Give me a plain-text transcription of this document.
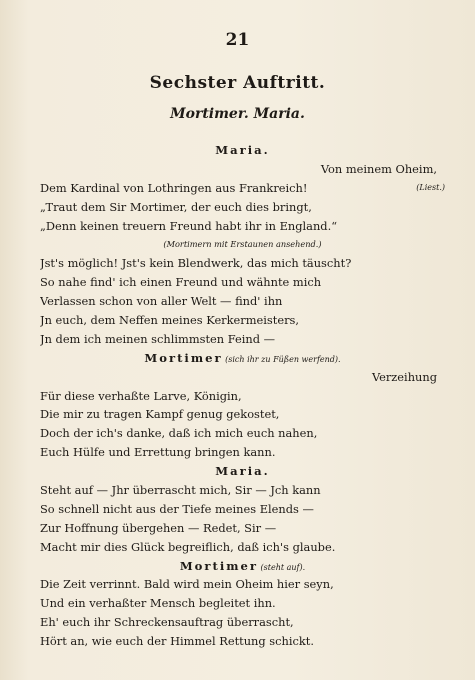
21
Sechster Auftritt.
Mortimer. Maria.
Maria.
Von meinem Oheim,
(Liest.)
Dem Kardinal von Lothringen aus Frankreich!
„Traut dem Sir Mortimer, der euch dies bringt,
„Denn keinen treuern Freund habt ihr in England.“
(Mortimern mit Erstaunen ansehend.)
Jst's möglich! Jst's kein Blendwerk, das mich täuscht?
So nahe find' ich einen Freund und wähnte mich
Verlassen schon von aller Welt — find' ihn
Jn euch, dem Neffen meines Kerkermeisters,
Jn dem ich meinen schlimmsten Feind —
Mortimer (sich ihr zu Füßen werfend).
Verzeihung
Für diese verhaßte Larve, Königin,
Die mir zu tragen Kampf genug gekostet,
Doch der ich's danke, daß ich mich euch nahen,
Euch Hülfe und Errettung bringen kann.
Maria.
Steht auf — Jhr überrascht mich, Sir — Jch kann
So schnell nicht aus der Tiefe meines Elends —
Zur Hoffnung übergehen — Redet, Sir —
Macht mir dies Glück begreiflich, daß ich's glaube.
Mortimer (steht auf).
Die Zeit verrinnt. Bald wird mein Oheim hier seyn,
Und ein verhaßter Mensch begleitet ihn.
Eh' euch ihr Schreckensauftrag überrascht,
Hört an, wie euch der Himmel Rettung schickt.
